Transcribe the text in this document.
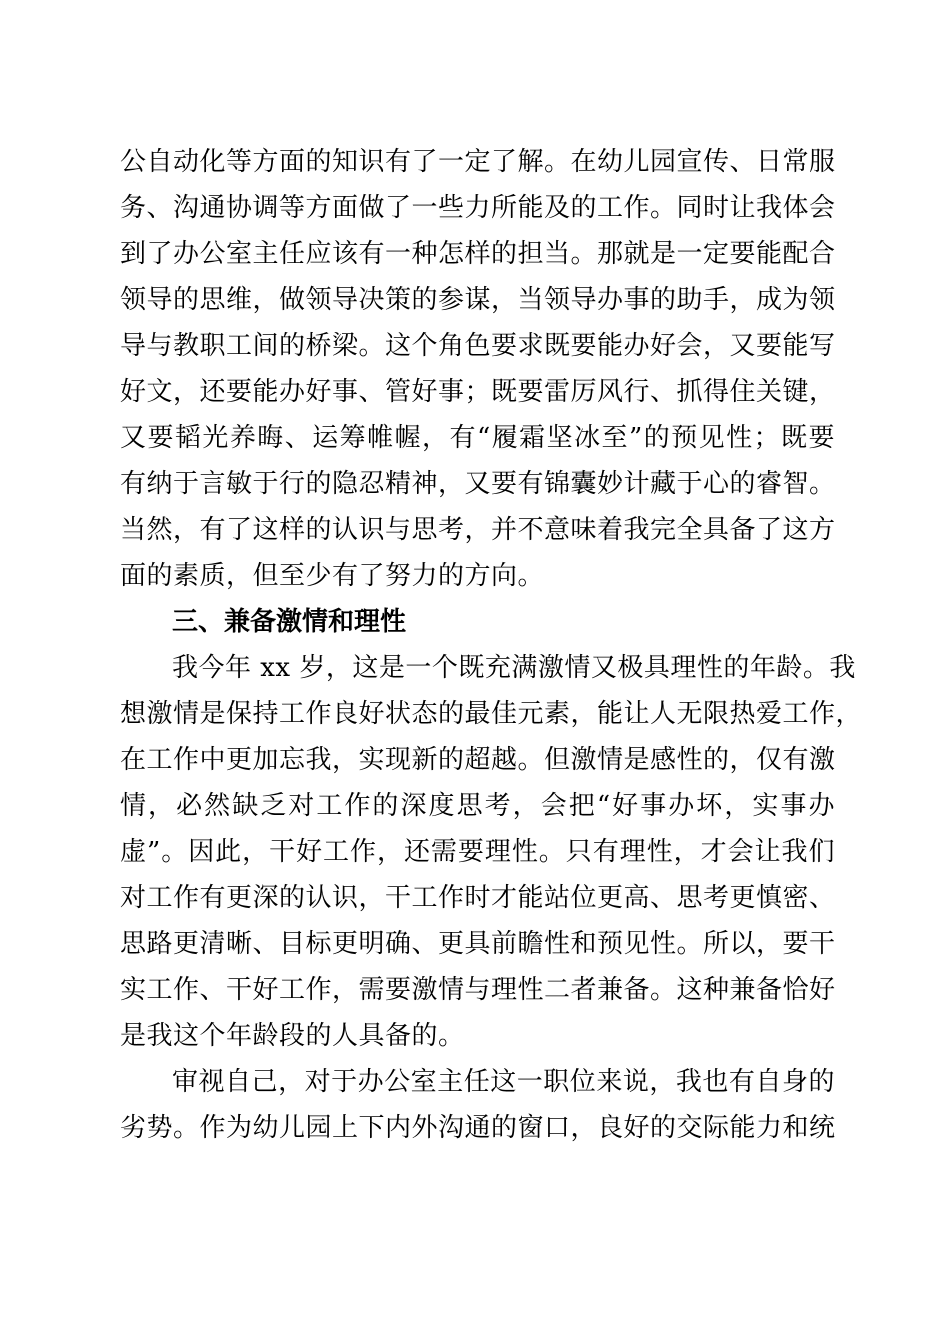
公自动化等方面的知识有了一定了解。在幼儿园宣传、日常服
务、沟通协调等方面做了一些力所能及的工作。同时让我体会
到了办公室主任应该有一种怎样的担当。那就是一定要能配合
领导的思维，做领导决策的参谋，当领导办事的助手，成为领
导与教职工间的桥梁。这个角色要求既要能办好会，又要能写
好文，还要能办好事、管好事；既要雷厉风行、抓得住关键，
又要韬光养晦、运筹帷幄，有“履霜坚冰至”的预见性；既要
有纳于言敏于行的隐忍精神，又要有锦囊妙计藏于心的睿智。
当然，有了这样的认识与思考，并不意味着我完全具备了这方
面的素质，但至少有了努力的方向。
三、兼备激情和理性
我今年 xx 岁，这是一个既充满激情又极具理性的年龄。我
想激情是保持工作良好状态的最佳元素，能让人无限热爱工作，
在工作中更加忘我，实现新的超越。但激情是感性的，仅有激
情，必然缺乏对工作的深度思考，会把“好事办坏，实事办
虚”。因此，干好工作，还需要理性。只有理性，才会让我们
对工作有更深的认识，干工作时才能站位更高、思考更慎密、
思路更清晰、目标更明确、更具前瞻性和预见性。所以，要干
实工作、干好工作，需要激情与理性二者兼备。这种兼备恰好
是我这个年龄段的人具备的。
审视自己，对于办公室主任这一职位来说，我也有自身的
劣势。作为幼儿园上下内外沟通的窗口，良好的交际能力和统
